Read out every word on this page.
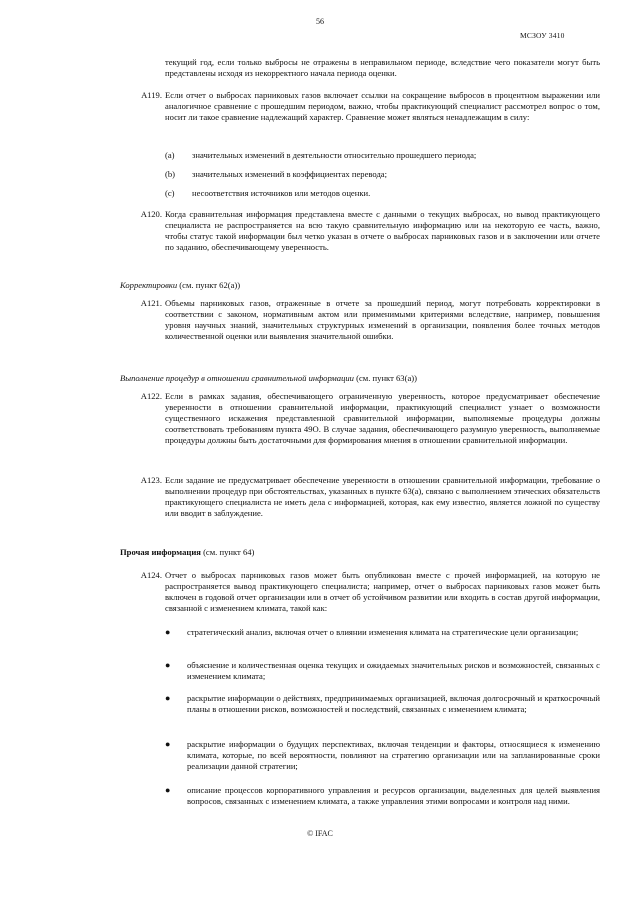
56
МСЗОУ 3410

текущий год, если только выбросы не отражены в неправильном периоде, вследствие чего показатели могут быть представлены исходя из некорректного начала периода оценки.

A119. Если отчет о выбросах парниковых газов включает ссылки на сокращение выбросов в процентном выражении или аналогичное сравнение с прошедшим периодом, важно, чтобы практикующий специалист рассмотрел вопрос о том, носит ли такое сравнение надлежащий характер. Сравнение может являться ненадлежащим в силу:
(a) значительных изменений в деятельности относительно прошедшего периода;
(b) значительных изменений в коэффициентах перевода;
(c) несоответствия источников или методов оценки.
A120. Когда сравнительная информация представлена вместе с данными о текущих выбросах, но вывод практикующего специалиста не распространяется на всю такую сравнительную информацию или на некоторую ее часть, важно, чтобы статус такой информации был четко указан в отчете о выбросах парниковых газов и в заключении или отчете по заданию, обеспечивающему уверенность.
Корректировки (см. пункт 62(a))
A121. Объемы парниковых газов, отраженные в отчете за прошедший период, могут потребовать корректировки в соответствии с законом, нормативным актом или применимыми критериями вследствие, например, повышения уровня научных знаний, значительных структурных изменений в организации, появления более точных методов количественной оценки или выявления значительной ошибки.
Выполнение процедур в отношении сравнительной информации (см. пункт 63(a))
A122. Если в рамках задания, обеспечивающего ограниченную уверенность, которое предусматривает обеспечение уверенности в отношении сравнительной информации, практикующий специалист узнает о возможности существенного искажения представленной сравнительной информации, выполняемые процедуры должны соответствовать требованиям пункта 49О. В случае задания, обеспечивающего разумную уверенность, выполняемые процедуры должны быть достаточными для формирования мнения в отношении сравнительной информации.
A123. Если задание не предусматривает обеспечение уверенности в отношении сравнительной информации, требование о выполнении процедур при обстоятельствах, указанных в пункте 63(a), связано с выполнением этических обязательств практикующего специалиста не иметь дела с информацией, которая, как ему известно, является ложной по существу или вводит в заблуждение.
Прочая информация (см. пункт 64)
A124. Отчет о выбросах парниковых газов может быть опубликован вместе с прочей информацией, на которую не распространяется вывод практикующего специалиста; например, отчет о выбросах парниковых газов может быть включен в годовой отчет организации или в отчет об устойчивом развитии или входить в состав другой информации, связанной с изменением климата, такой как:
● стратегический анализ, включая отчет о влиянии изменения климата на стратегические цели организации;
● объяснение и количественная оценка текущих и ожидаемых значительных рисков и возможностей, связанных с изменением климата;
● раскрытие информации о действиях, предпринимаемых организацией, включая долгосрочный и краткосрочный планы в отношении рисков, возможностей и последствий, связанных с изменением климата;
● раскрытие информации о будущих перспективах, включая тенденции и факторы, относящиеся к изменению климата, которые, по всей вероятности, повлияют на стратегию организации или на запланированные сроки реализации данной стратегии;
● описание процессов корпоративного управления и ресурсов организации, выделенных для целей выявления вопросов, связанных с изменением климата, а также управления этими вопросами и контроля над ними.
© IFAC
